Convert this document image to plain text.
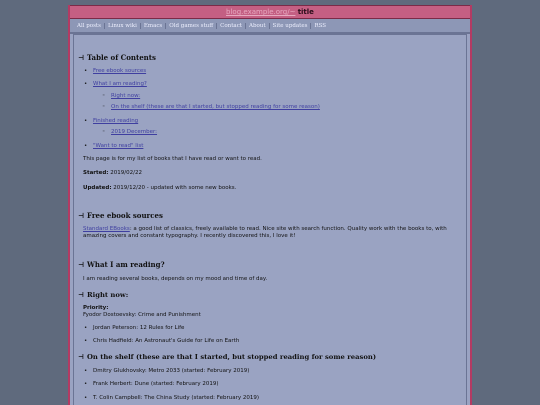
blog.example.org/~ title
All posts	Linux wiki	Emacs	Old games stuff	Contact	About	Site updates	RSS
⊣ Table of Contents
• Free ebook sources
• What I am reading?
◦ Right now:
◦ On the shelf (these are that I started, but stopped reading for some reason)
• Finished reading
◦ 2019 December:
• "Want to read" list

This page is for my list of books that I have read or want to read.

Started: 2019/02/22

Updated: 2019/12/20 - updated with some new books.

⊣ Free ebook sources

Standard EBooks: a good list of classics, freely available to read. Nice site with search function. Quality work with the books to, with amazing covers and constant typography. I recently discovered this, I love it!

⊣ What I am reading?

I am reading several books, depends on my mood and time of day.

⊣ Right now:

Priority:
Fyodor Dostoevsky: Crime and Punishment

• Jordan Peterson: 12 Rules for Life
• Chris Hadfield: An Astronaut's Guide for Life on Earth
⊣ On the shelf (these are that I started, but stopped reading for some reason)
• Dmitry Glukhovsky: Metro 2033 (started: February 2019)
• Frank Herbert: Dune (started: February 2019)
• T. Colin Campbell: The China Study (started: February 2019)
